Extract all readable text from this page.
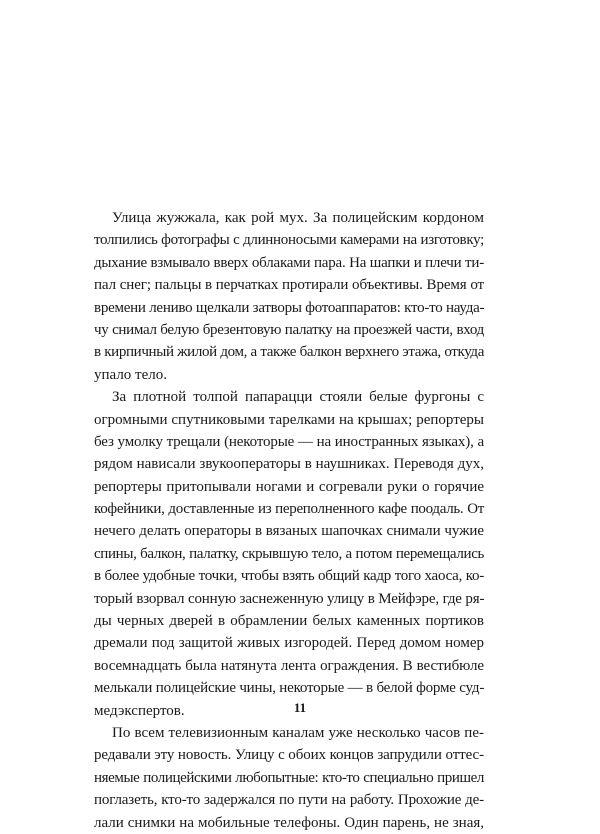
Улица жужжала, как рой мух. За полицейским кордоном
толпились фотографы с длинноносыми камерами на изготовку;
дыхание взмывало вверх облаками пара. На шапки и плечи ти-
пал снег; пальцы в перчатках протирали объективы. Время от
времени лениво щелкали затворы фотоаппаратов: кто-то науда-
чу снимал белую брезентовую палатку на проезжей части, вход
в кирпичный жилой дом, а также балкон верхнего этажа, откуда
упало тело.
За плотной толпой папарацци стояли белые фургоны с
огромными спутниковыми тарелками на крышах; репортеры
без умолку трещали (некоторые — на иностранных языках), а
рядом нависали звукооператоры в наушниках. Переводя дух,
репортеры притопывали ногами и согревали руки о горячие
кофейники, доставленные из переполненного кафе поодаль. От
нечего делать операторы в вязаных шапочках снимали чужие
спины, балкон, палатку, скрывшую тело, а потом перемещались
в более удобные точки, чтобы взять общий кадр того хаоса, ко-
торый взорвал сонную заснеженную улицу в Мейфэре, где ря-
ды черных дверей в обрамлении белых каменных портиков
дремали под защитой живых изгородей. Перед домом номер
восемнадцать была натянута лента ограждения. В вестибюле
мелькали полицейские чины, некоторые — в белой форме суд-
медэкспертов.
По всем телевизионным каналам уже несколько часов пе-
редавали эту новость. Улицу с обоих концов запрудили оттес-
няемые полицейскими любопытные: кто-то специально пришел
поглазеть, кто-то задержался по пути на работу. Прохожие де-
лали снимки на мобильные телефоны. Один парень, не зная,
11
